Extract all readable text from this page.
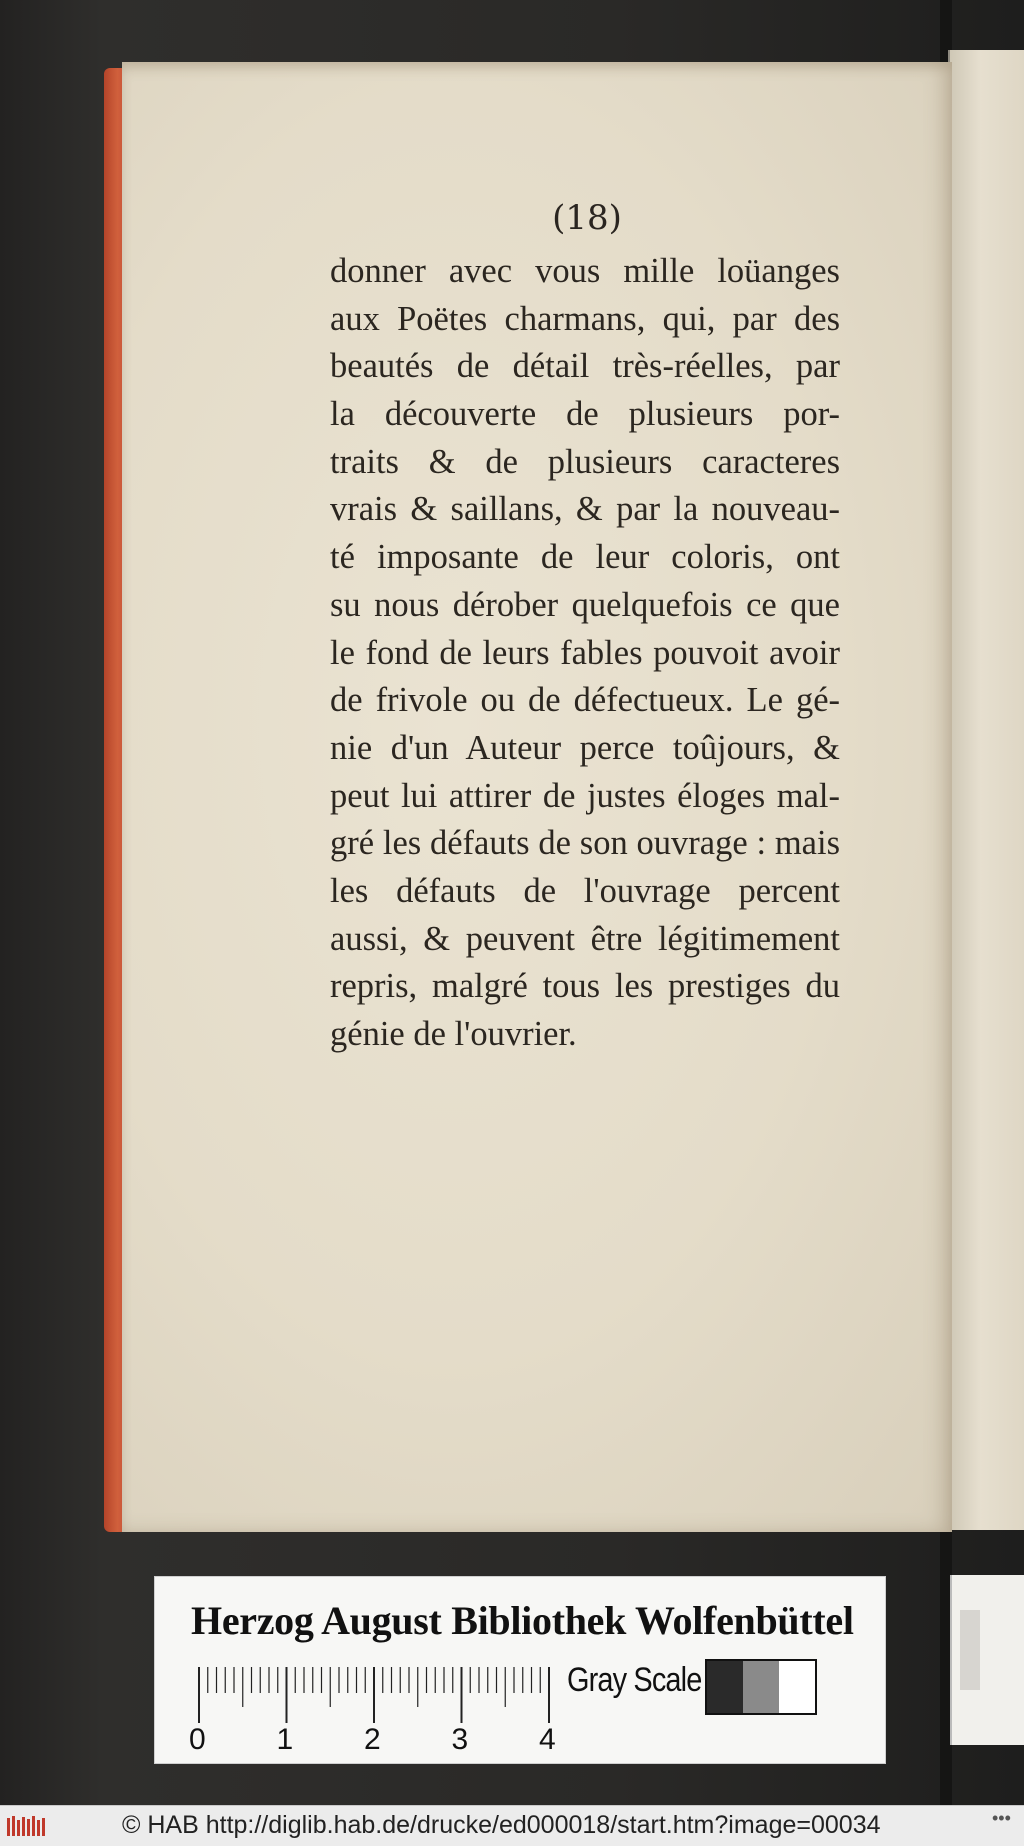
(18)
donner avec vous mille loüanges
aux Poëtes charmans, qui, par des
beautés de détail très-réelles, par
la découverte de plusieurs por-
traits & de plusieurs caracteres
vrais & saillans, & par la nouveau-
té imposante de leur coloris, ont
su nous dérober quelquefois ce que
le fond de leurs fables pouvoit avoir
de frivole ou de défectueux. Le gé-
nie d'un Auteur perce toûjours, &
peut lui attirer de justes éloges mal-
gré les défauts de son ouvrage : mais
les défauts de l'ouvrage percent
aussi, & peuvent être légitimement
repris, malgré tous les prestiges du
génie de l'ouvrier.
Herzog August Bibliothek Wolfenbüttel
0 1 2 3 4
Gray Scale
© HAB http://diglib.hab.de/drucke/ed000018/start.htm?image=00034	•••
